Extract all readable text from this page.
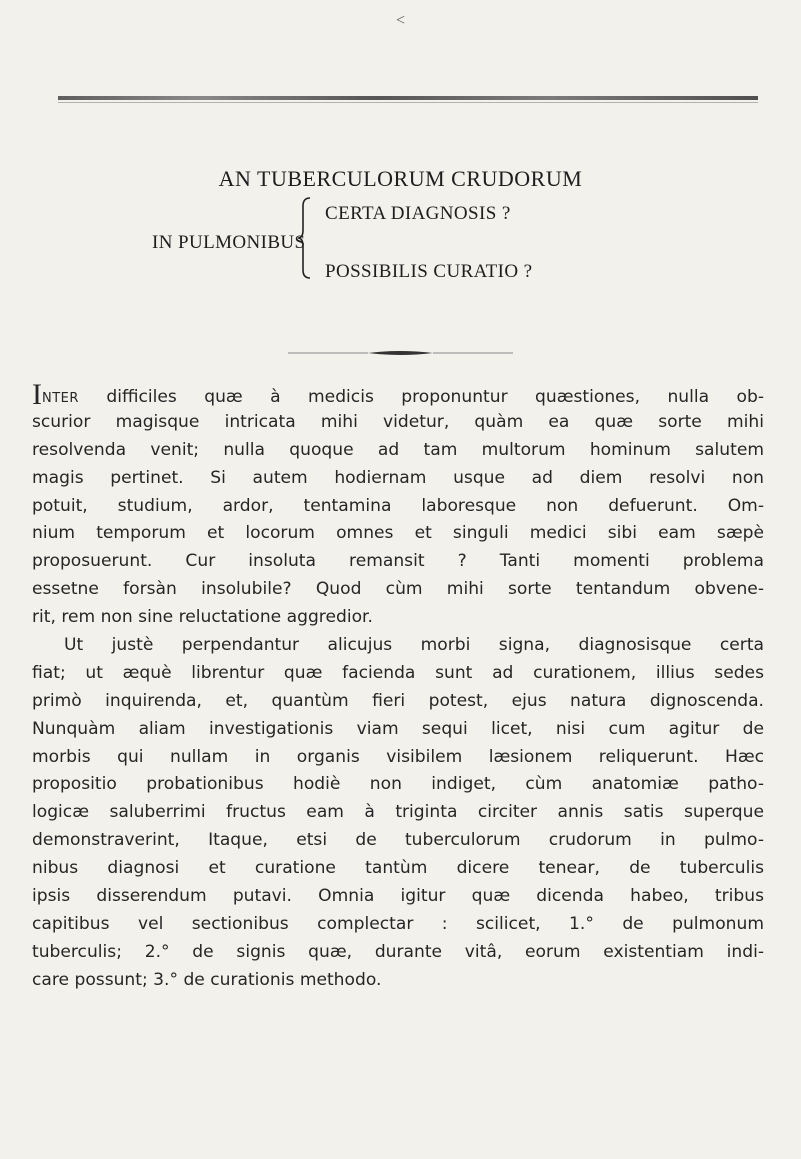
<
AN TUBERCULORUM CRUDORUM
IN PULMONIBUS
CERTA DIAGNOSIS ?
POSSIBILIS CURATIO ?
INTER difficiles quæ à medicis proponuntur quæstiones, nulla ob-
scurior magisque intricata mihi videtur, quàm ea quæ sorte mihi
resolvenda venit; nulla quoque ad tam multorum hominum salutem
magis pertinet. Si autem hodiernam usque ad diem resolvi non
potuit, studium, ardor, tentamina laboresque non defuerunt. Om-
nium temporum et locorum omnes et singuli medici sibi eam sæpè
proposuerunt. Cur insoluta remansit ? Tanti momenti problema
essetne forsàn insolubile? Quod cùm mihi sorte tentandum obvene-
rit, rem non sine reluctatione aggredior.
Ut justè perpendantur alicujus morbi signa, diagnosisque certa
fiat; ut æquè librentur quæ facienda sunt ad curationem, illius sedes
primò inquirenda, et, quantùm fieri potest, ejus natura dignoscenda.
Nunquàm aliam investigationis viam sequi licet, nisi cum agitur de
morbis qui nullam in organis visibilem læsionem reliquerunt. Hæc
propositio probationibus hodiè non indiget, cùm anatomiæ patho-
logicæ saluberrimi fructus eam à triginta circiter annis satis superque
demonstraverint, Itaque, etsi de tuberculorum crudorum in pulmo-
nibus diagnosi et curatione tantùm dicere tenear, de tuberculis
ipsis disserendum putavi. Omnia igitur quæ dicenda habeo, tribus
capitibus vel sectionibus complectar : scilicet, 1.° de pulmonum
tuberculis; 2.° de signis quæ, durante vitâ, eorum existentiam indi-
care possunt; 3.° de curationis methodo.
